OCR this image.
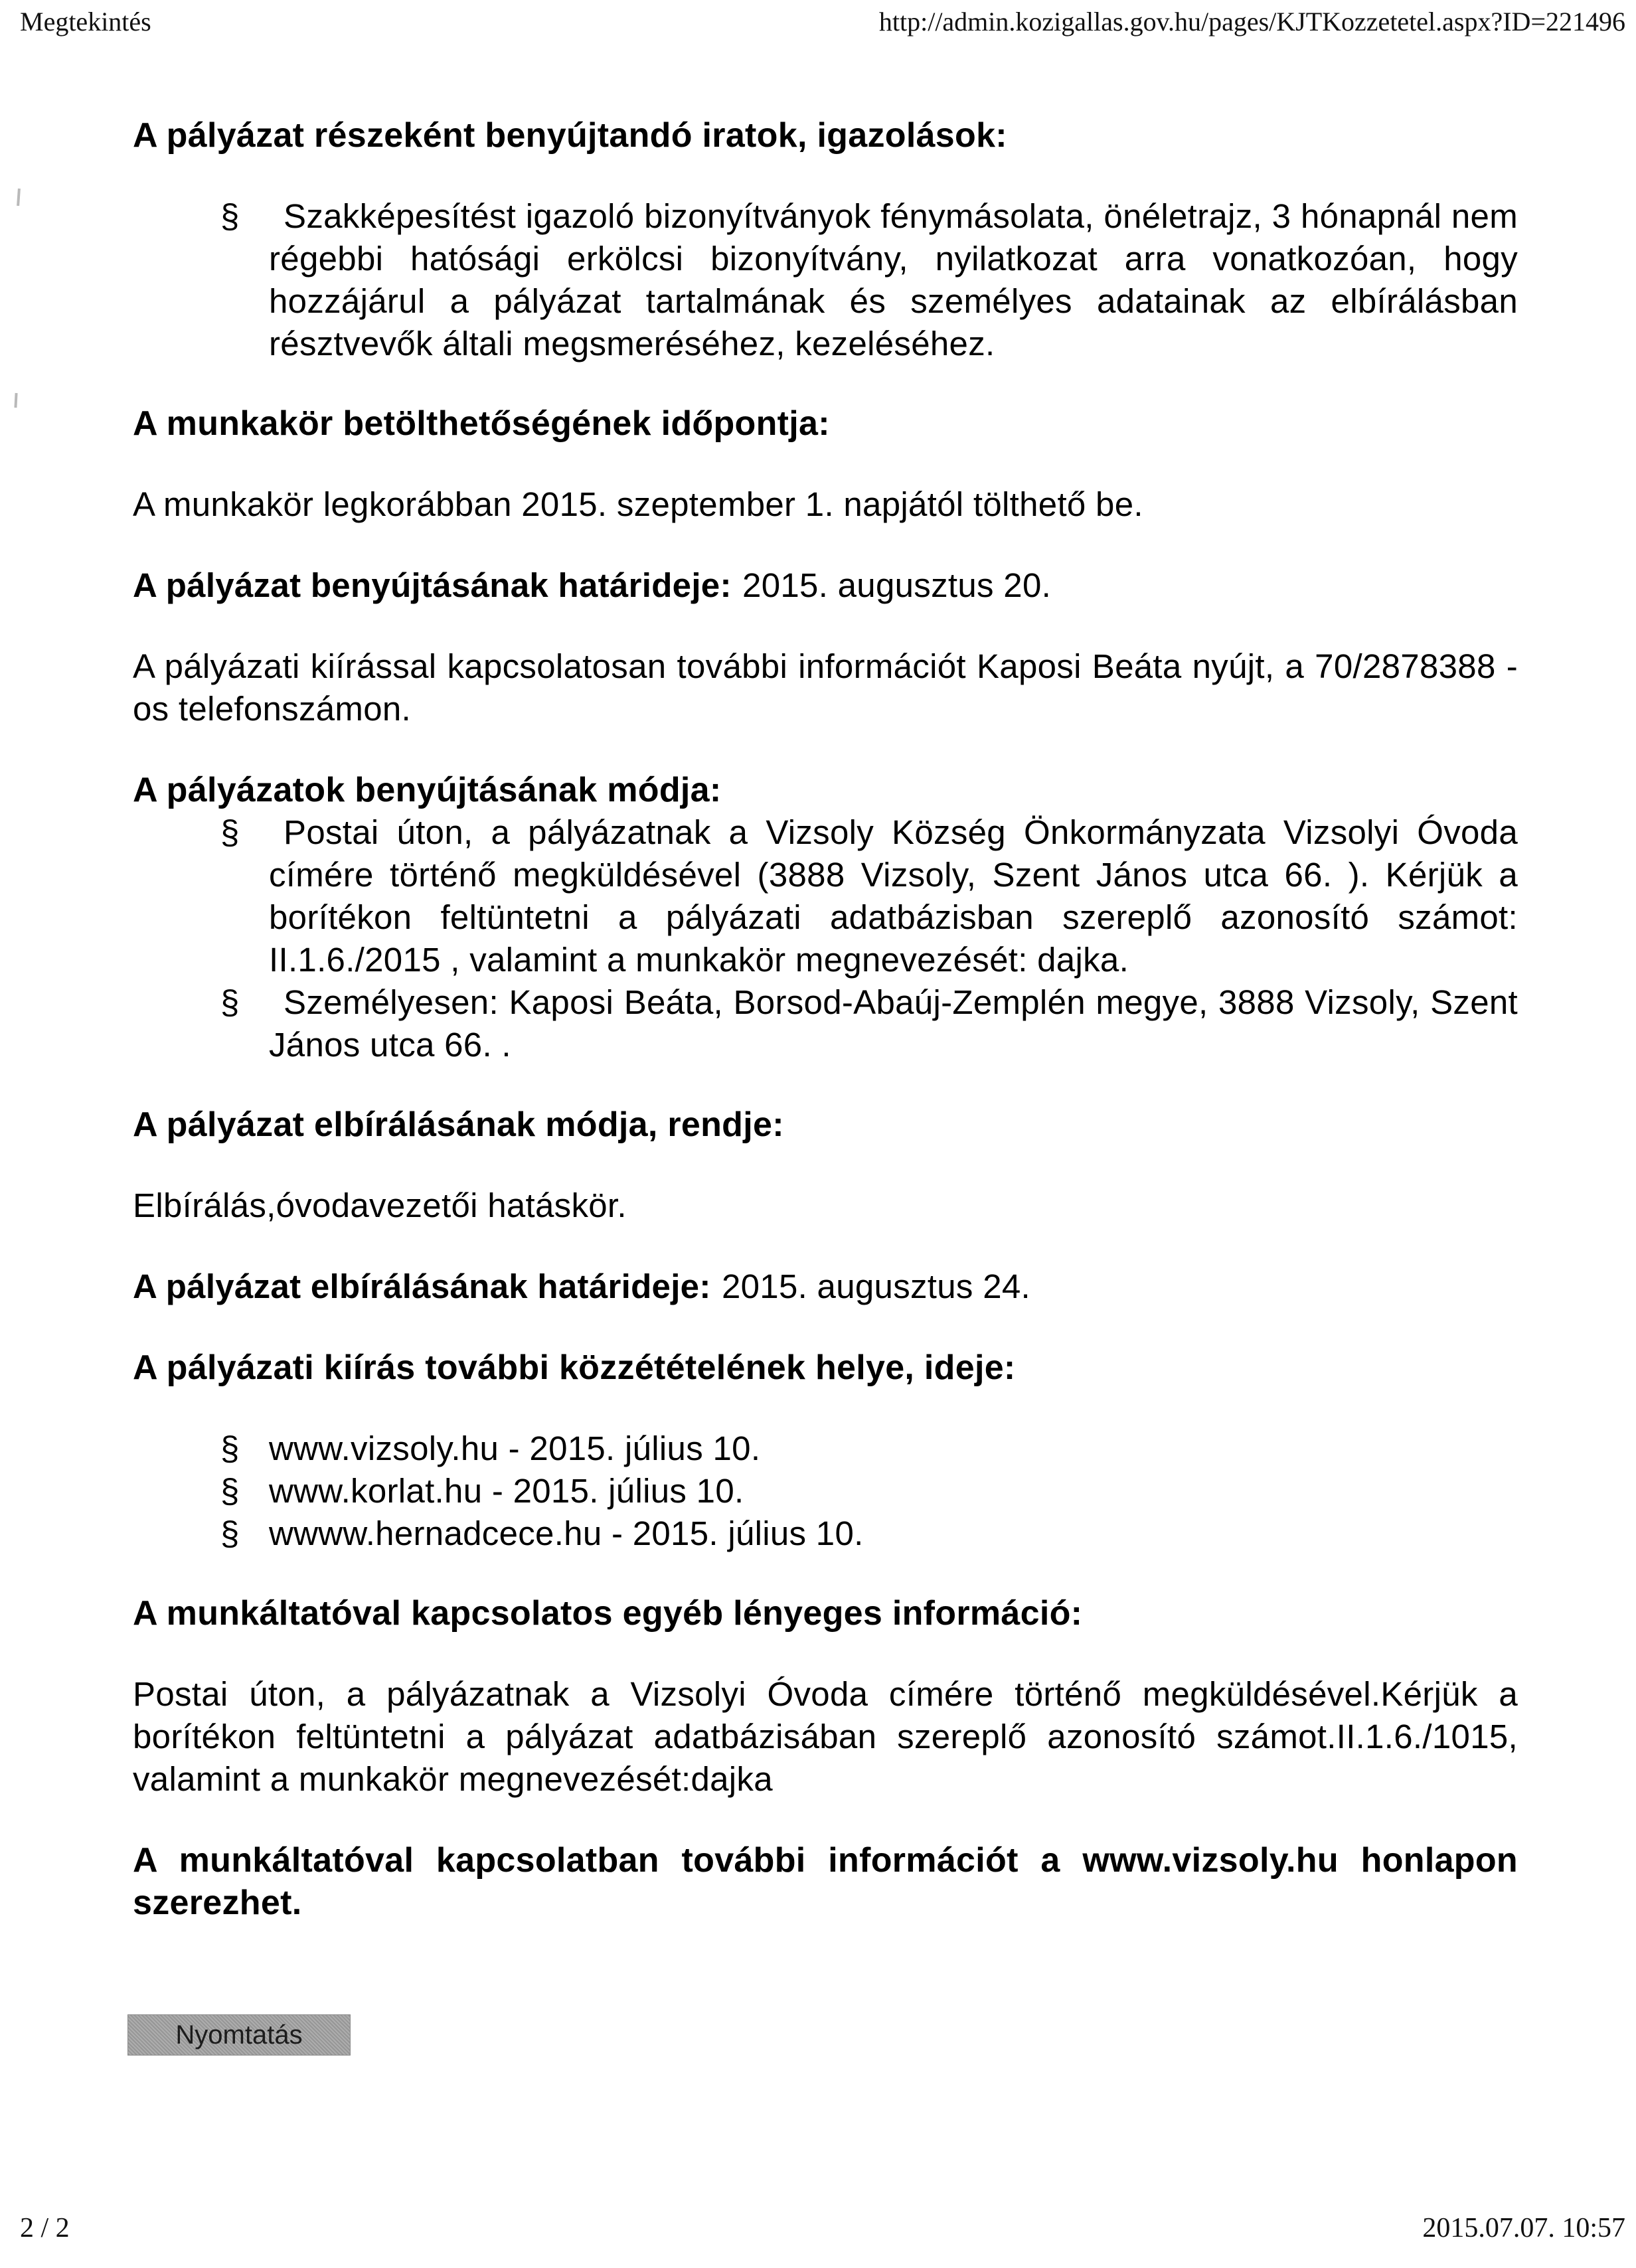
Megtekintés	http://admin.kozigallas.gov.hu/pages/KJTKozzetetel.aspx?ID=221496
A pályázat részeként benyújtandó iratok, igazolások:
§ Szakképesítést igazoló bizonyítványok fénymásolata, önéletrajz, 3 hónapnál nem régebbi hatósági erkölcsi bizonyítvány, nyilatkozat arra vonatkozóan, hogy hozzájárul a pályázat tartalmának és személyes adatainak az elbírálásban résztvevők általi megsmeréséhez, kezeléséhez.
A munkakör betölthetőségének időpontja:
A munkakör legkorábban 2015. szeptember 1. napjától tölthető be.
A pályázat benyújtásának határideje: 2015. augusztus 20.
A pályázati kiírással kapcsolatosan további információt Kaposi Beáta nyújt, a 70/2878388 -os telefonszámon.
A pályázatok benyújtásának módja:
§ Postai úton, a pályázatnak a Vizsoly Község Önkormányzata Vizsolyi Óvoda címére történő megküldésével (3888 Vizsoly, Szent János utca 66. ). Kérjük a borítékon feltüntetni a pályázati adatbázisban szereplő azonosító számot: II.1.6./2015 , valamint a munkakör megnevezését: dajka.
§ Személyesen: Kaposi Beáta, Borsod-Abaúj-Zemplén megye, 3888 Vizsoly, Szent János utca 66. .
A pályázat elbírálásának módja, rendje:
Elbírálás,óvodavezetői hatáskör.
A pályázat elbírálásának határideje: 2015. augusztus 24.
A pályázati kiírás további közzétételének helye, ideje:
§ www.vizsoly.hu - 2015. július 10.
§ www.korlat.hu - 2015. július 10.
§ wwww.hernadcece.hu - 2015. július 10.
A munkáltatóval kapcsolatos egyéb lényeges információ:
Postai úton, a pályázatnak a Vizsolyi Óvoda címére történő megküldésével.Kérjük a borítékon feltüntetni a pályázat adatbázisában szereplő azonosító számot.II.1.6./1015, valamint a munkakör megnevezését:dajka
A munkáltatóval kapcsolatban további információt a www.vizsoly.hu honlapon szerezhet.
Nyomtatás
2 / 2	2015.07.07. 10:57
